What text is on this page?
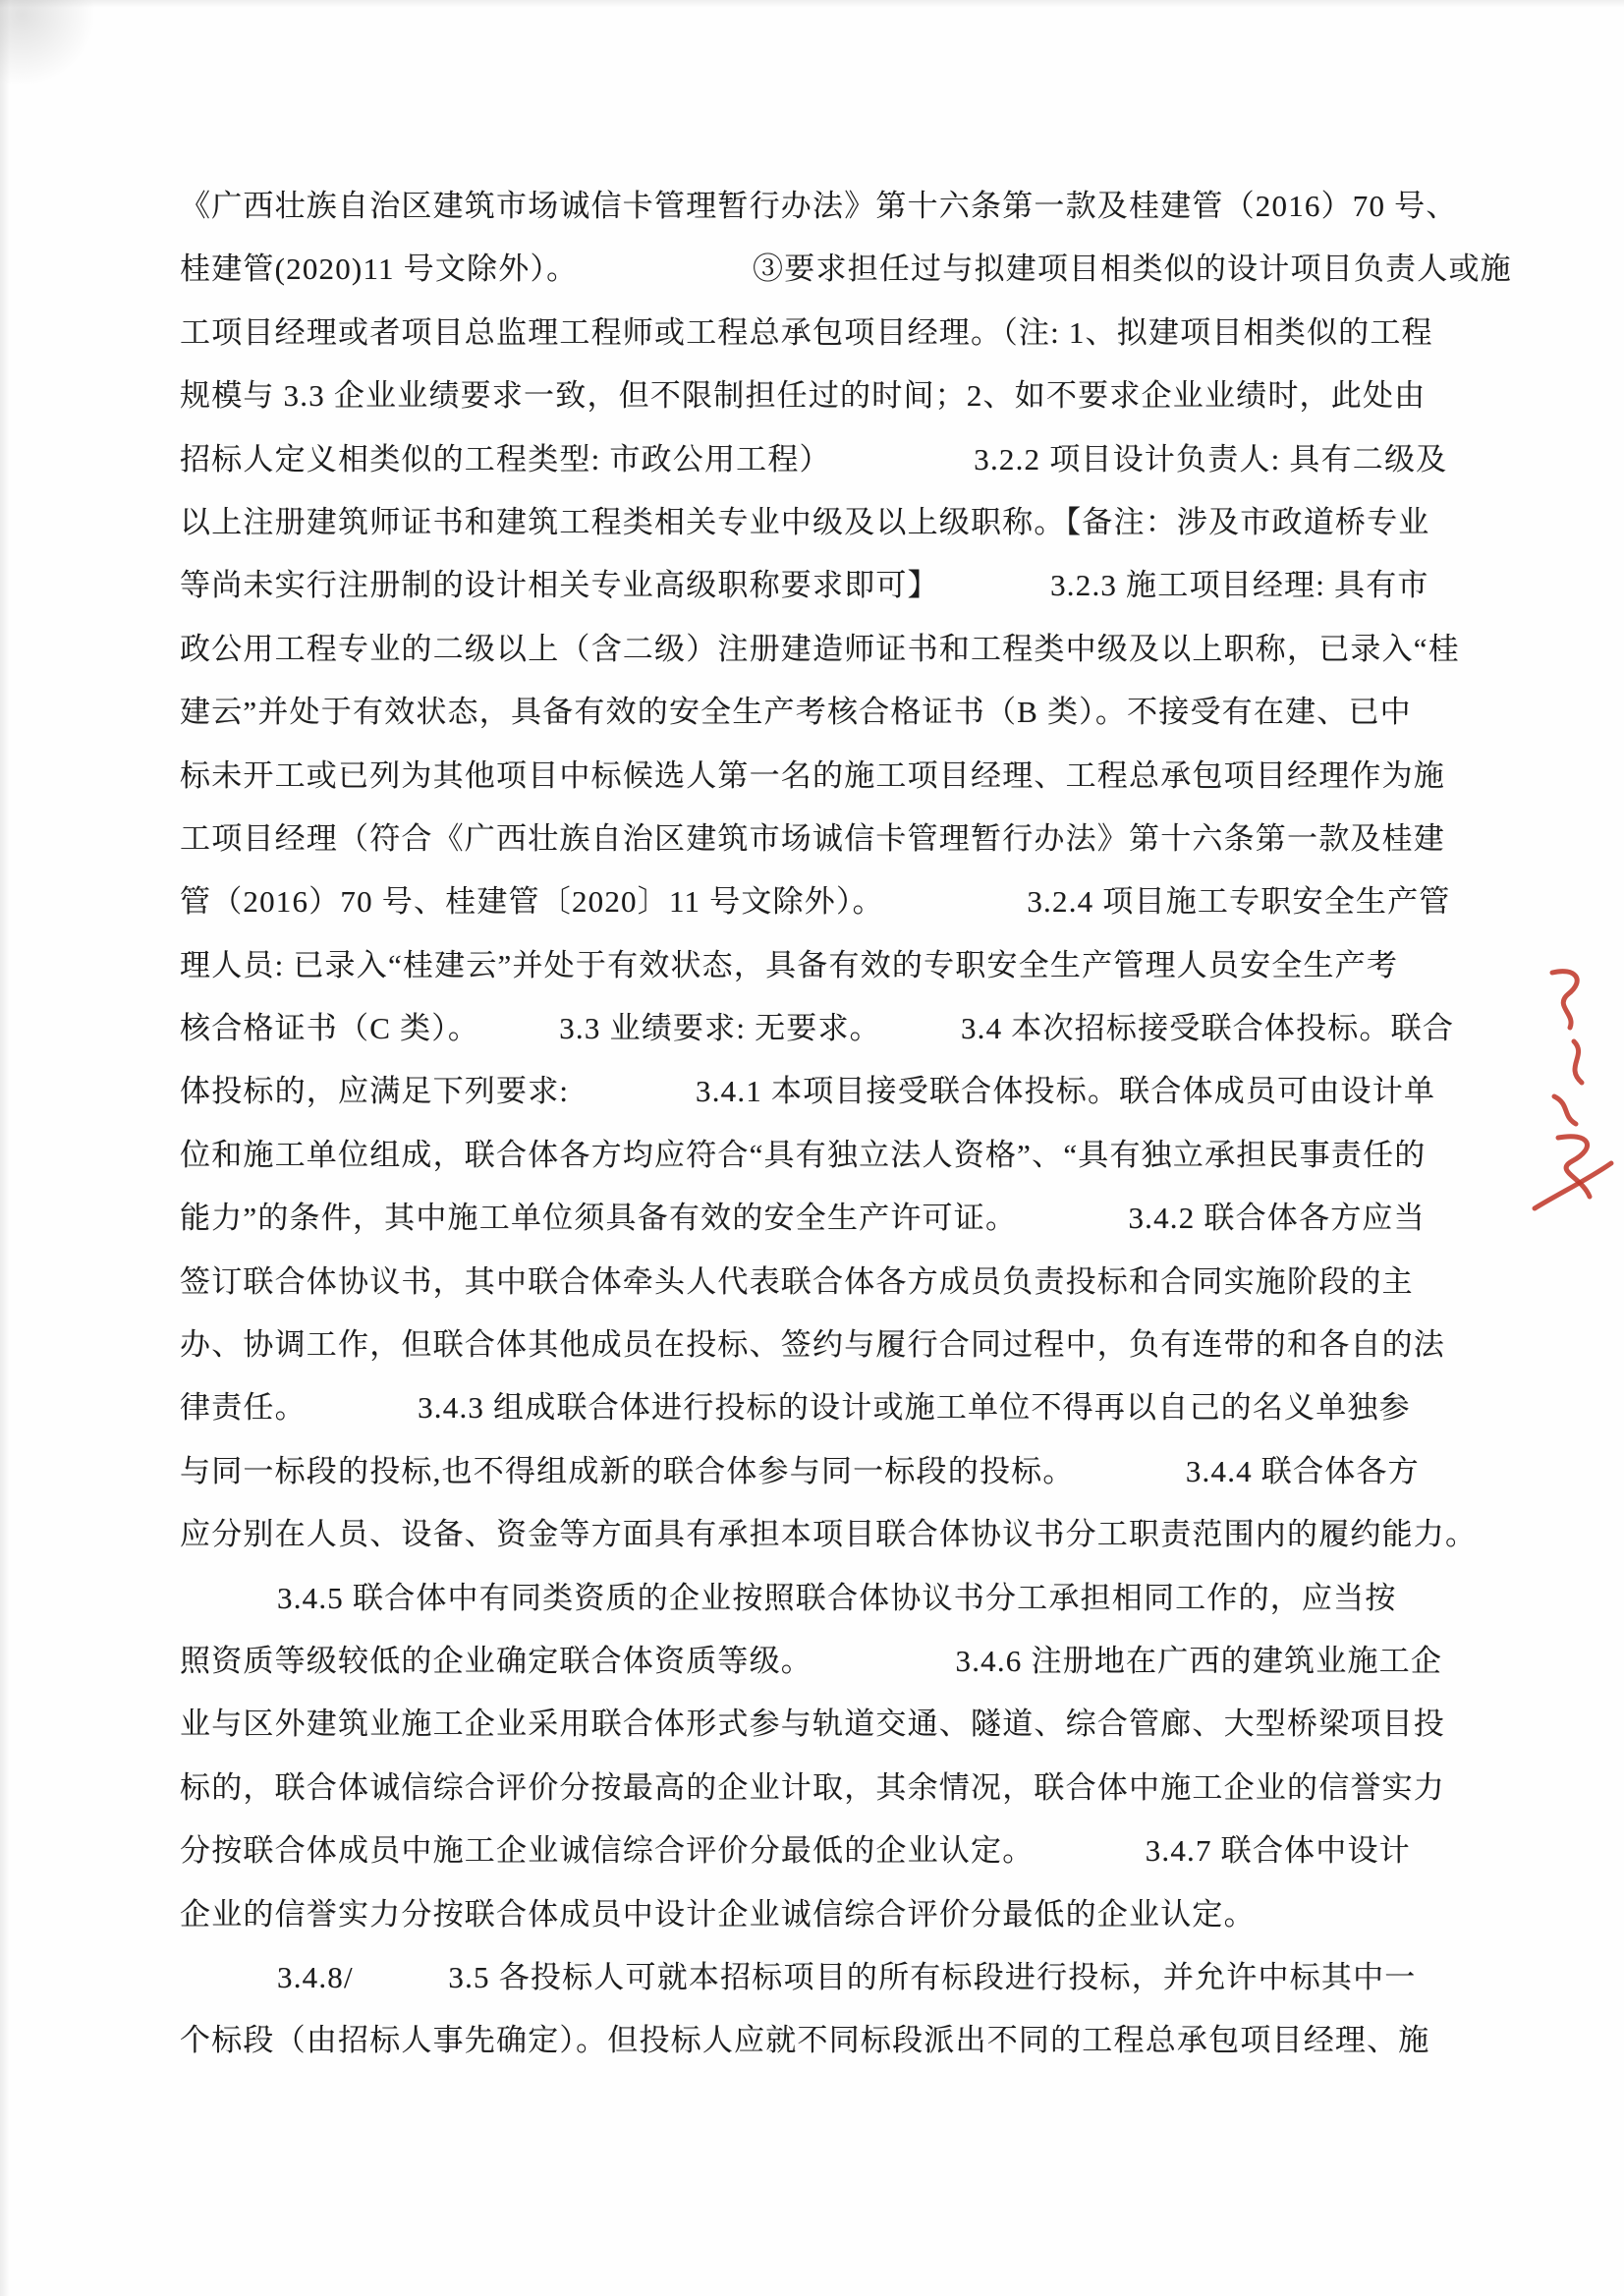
《广西壮族自治区建筑市场诚信卡管理暂行办法》第十六条第一款及桂建管（2016）70 号、
桂建管(2020)11 号文除外）。　　　　　　③要求担任过与拟建项目相类似的设计项目负责人或施
工项目经理或者项目总监理工程师或工程总承包项目经理。（注: 1、拟建项目相类似的工程
规模与 3.3 企业业绩要求一致，但不限制担任过的时间；2、如不要求企业业绩时，此处由
招标人定义相类似的工程类型: 市政公用工程）　　　　　3.2.2 项目设计负责人: 具有二级及
以上注册建筑师证书和建筑工程类相关专业中级及以上级职称。【备注：涉及市政道桥专业
等尚未实行注册制的设计相关专业高级职称要求即可】　　　　3.2.3 施工项目经理: 具有市
政公用工程专业的二级以上（含二级）注册建造师证书和工程类中级及以上职称，已录入“桂
建云”并处于有效状态，具备有效的安全生产考核合格证书（B 类）。不接受有在建、已中
标未开工或已列为其他项目中标候选人第一名的施工项目经理、工程总承包项目经理作为施
工项目经理（符合《广西壮族自治区建筑市场诚信卡管理暂行办法》第十六条第一款及桂建
管（2016）70 号、桂建管〔2020〕11 号文除外）。　　　　　3.2.4 项目施工专职安全生产管
理人员: 已录入“桂建云”并处于有效状态，具备有效的专职安全生产管理人员安全生产考
核合格证书（C 类）。　　　3.3 业绩要求: 无要求。　　　3.4 本次招标接受联合体投标。联合
体投标的，应满足下列要求:　　　　3.4.1 本项目接受联合体投标。联合体成员可由设计单
位和施工单位组成，联合体各方均应符合“具有独立法人资格”、“具有独立承担民事责任的
能力”的条件，其中施工单位须具备有效的安全生产许可证。　　　　3.4.2 联合体各方应当
签订联合体协议书，其中联合体牵头人代表联合体各方成员负责投标和合同实施阶段的主
办、协调工作，但联合体其他成员在投标、签约与履行合同过程中，负有连带的和各自的法
律责任。　　　　3.4.3 组成联合体进行投标的设计或施工单位不得再以自己的名义单独参
与同一标段的投标,也不得组成新的联合体参与同一标段的投标。　　　　3.4.4 联合体各方
应分别在人员、设备、资金等方面具有承担本项目联合体协议书分工职责范围内的履约能力。
3.4.5 联合体中有同类资质的企业按照联合体协议书分工承担相同工作的，应当按
照资质等级较低的企业确定联合体资质等级。　　　　　3.4.6 注册地在广西的建筑业施工企
业与区外建筑业施工企业采用联合体形式参与轨道交通、隧道、综合管廊、大型桥梁项目投
标的，联合体诚信综合评价分按最高的企业计取，其余情况，联合体中施工企业的信誉实力
分按联合体成员中施工企业诚信综合评价分最低的企业认定。　　　　3.4.7 联合体中设计
企业的信誉实力分按联合体成员中设计企业诚信综合评价分最低的企业认定。
3.4.8/　　　3.5 各投标人可就本招标项目的所有标段进行投标，并允许中标其中一
个标段（由招标人事先确定）。但投标人应就不同标段派出不同的工程总承包项目经理、施
